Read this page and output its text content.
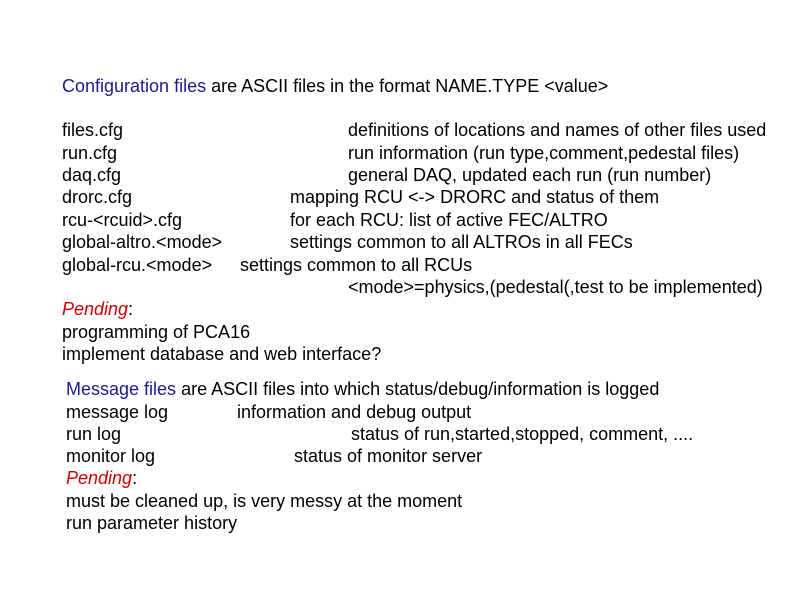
Configuration files are ASCII files in the format NAME.TYPE <value>
files.cfg	definitions of locations and names of other files used
run.cfg	run information (run type,comment,pedestal files)
daq.cfg	general DAQ, updated each run (run number)
drorc.cfg	mapping RCU <-> DRORC and status of them
rcu-<rcuid>.cfg	for each RCU: list of active FEC/ALTRO
global-altro.<mode>	settings common to all ALTROs in all FECs
global-rcu.<mode> settings common to all RCUs
<mode>=physics,(pedestal(,test to be implemented)
Pending:
programming of PCA16
implement database and web interface?
Message files are ASCII files into which status/debug/information is logged
message log	information and debug output
run log	status of run,started,stopped, comment, ....
monitor log	status of monitor server
Pending:
must be cleaned up, is very messy at the moment
run parameter history
